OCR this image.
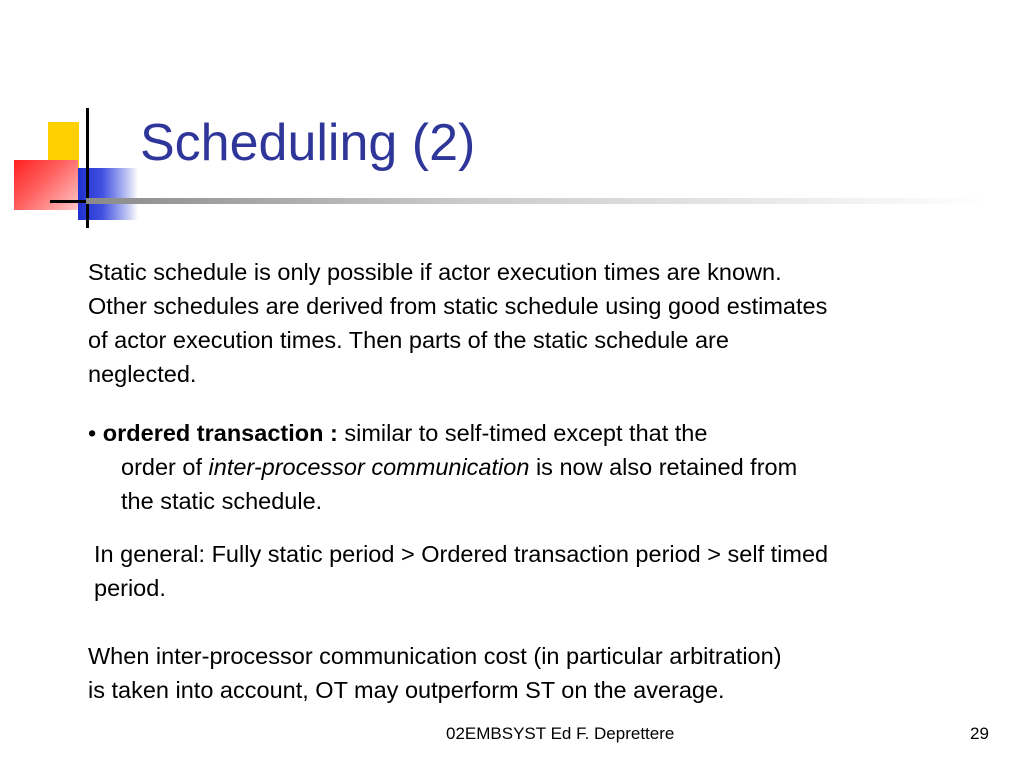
Scheduling (2)
Static schedule is only possible if actor execution times are known.
Other schedules are derived from static schedule using good estimates
of actor execution times. Then parts of the static schedule are
neglected.
• ordered transaction : similar to self-timed except that the
order of inter-processor communication is now also retained from
the static schedule.
In general: Fully static period > Ordered transaction period > self timed
period.
When inter-processor communication cost (in particular arbitration)
is taken into account, OT may outperform ST on the average.
02EMBSYST Ed F. Deprettere	29
